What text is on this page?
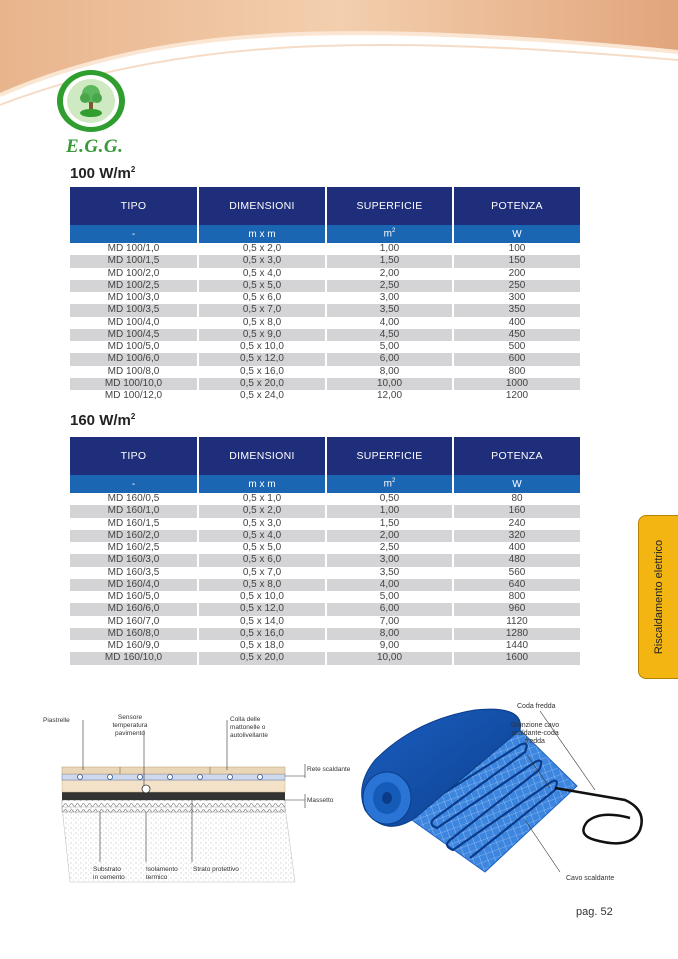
E.G.G.
100 $W/m^2$
TIPO	DIMENSIONI	SUPERFICIE	POTENZA
-	m x m	$m^2$	W
MD 100/1,0	0,5 x 2,0	1,00	100
MD 100/1,5	0,5 x 3,0	1,50	150
MD 100/2,0	0,5 x 4,0	2,00	200
MD 100/2,5	0,5 x 5,0	2,50	250
MD 100/3,0	0,5 x 6,0	3,00	300
MD 100/3,5	0,5 x 7,0	3,50	350
MD 100/4,0	0,5 x 8,0	4,00	400
MD 100/4,5	0,5 x 9,0	4,50	450
MD 100/5,0	0,5 x 10,0	5,00	500
MD 100/6,0	0,5 x 12,0	6,00	600
MD 100/8,0	0,5 x 16,0	8,00	800
MD 100/10,0	0,5 x 20,0	10,00	1000
MD 100/12,0	0,5 x 24,0	12,00	1200
160 $W/m^2$
TIPO	DIMENSIONI	SUPERFICIE	POTENZA
-	m x m	$m^2$	W
MD 160/0,5	0,5 x 1,0	0,50	80
MD 160/1,0	0,5 x 2,0	1,00	160
MD 160/1,5	0,5 x 3,0	1,50	240
MD 160/2,0	0,5 x 4,0	2,00	320
MD 160/2,5	0,5 x 5,0	2,50	400
MD 160/3,0	0,5 x 6,0	3,00	480
MD 160/3,5	0,5 x 7,0	3,50	560
MD 160/4,0	0,5 x 8,0	4,00	640
MD 160/5,0	0,5 x 10,0	5,00	800
MD 160/6,0	0,5 x 12,0	6,00	960
MD 160/7,0	0,5 x 14,0	7,00	1120
MD 160/8,0	0,5 x 16,0	8,00	1280
MD 160/9,0	0,5 x 18,0	9,00	1440
MD 160/10,0	0,5 x 20,0	10,00	1600
Riscaldamento elettrico
Piastrelle	Sensore
temperatura
pavimento
Colla delle
mattonelle o
autolivellante
Rete scaldante
Massetto
Substrato
in cemento
Isolamento
termico
Strato protettivo
Coda fredda
Giunzione cavo
scaldante-coda
fredda
Cavo scaldante
pag. 52
